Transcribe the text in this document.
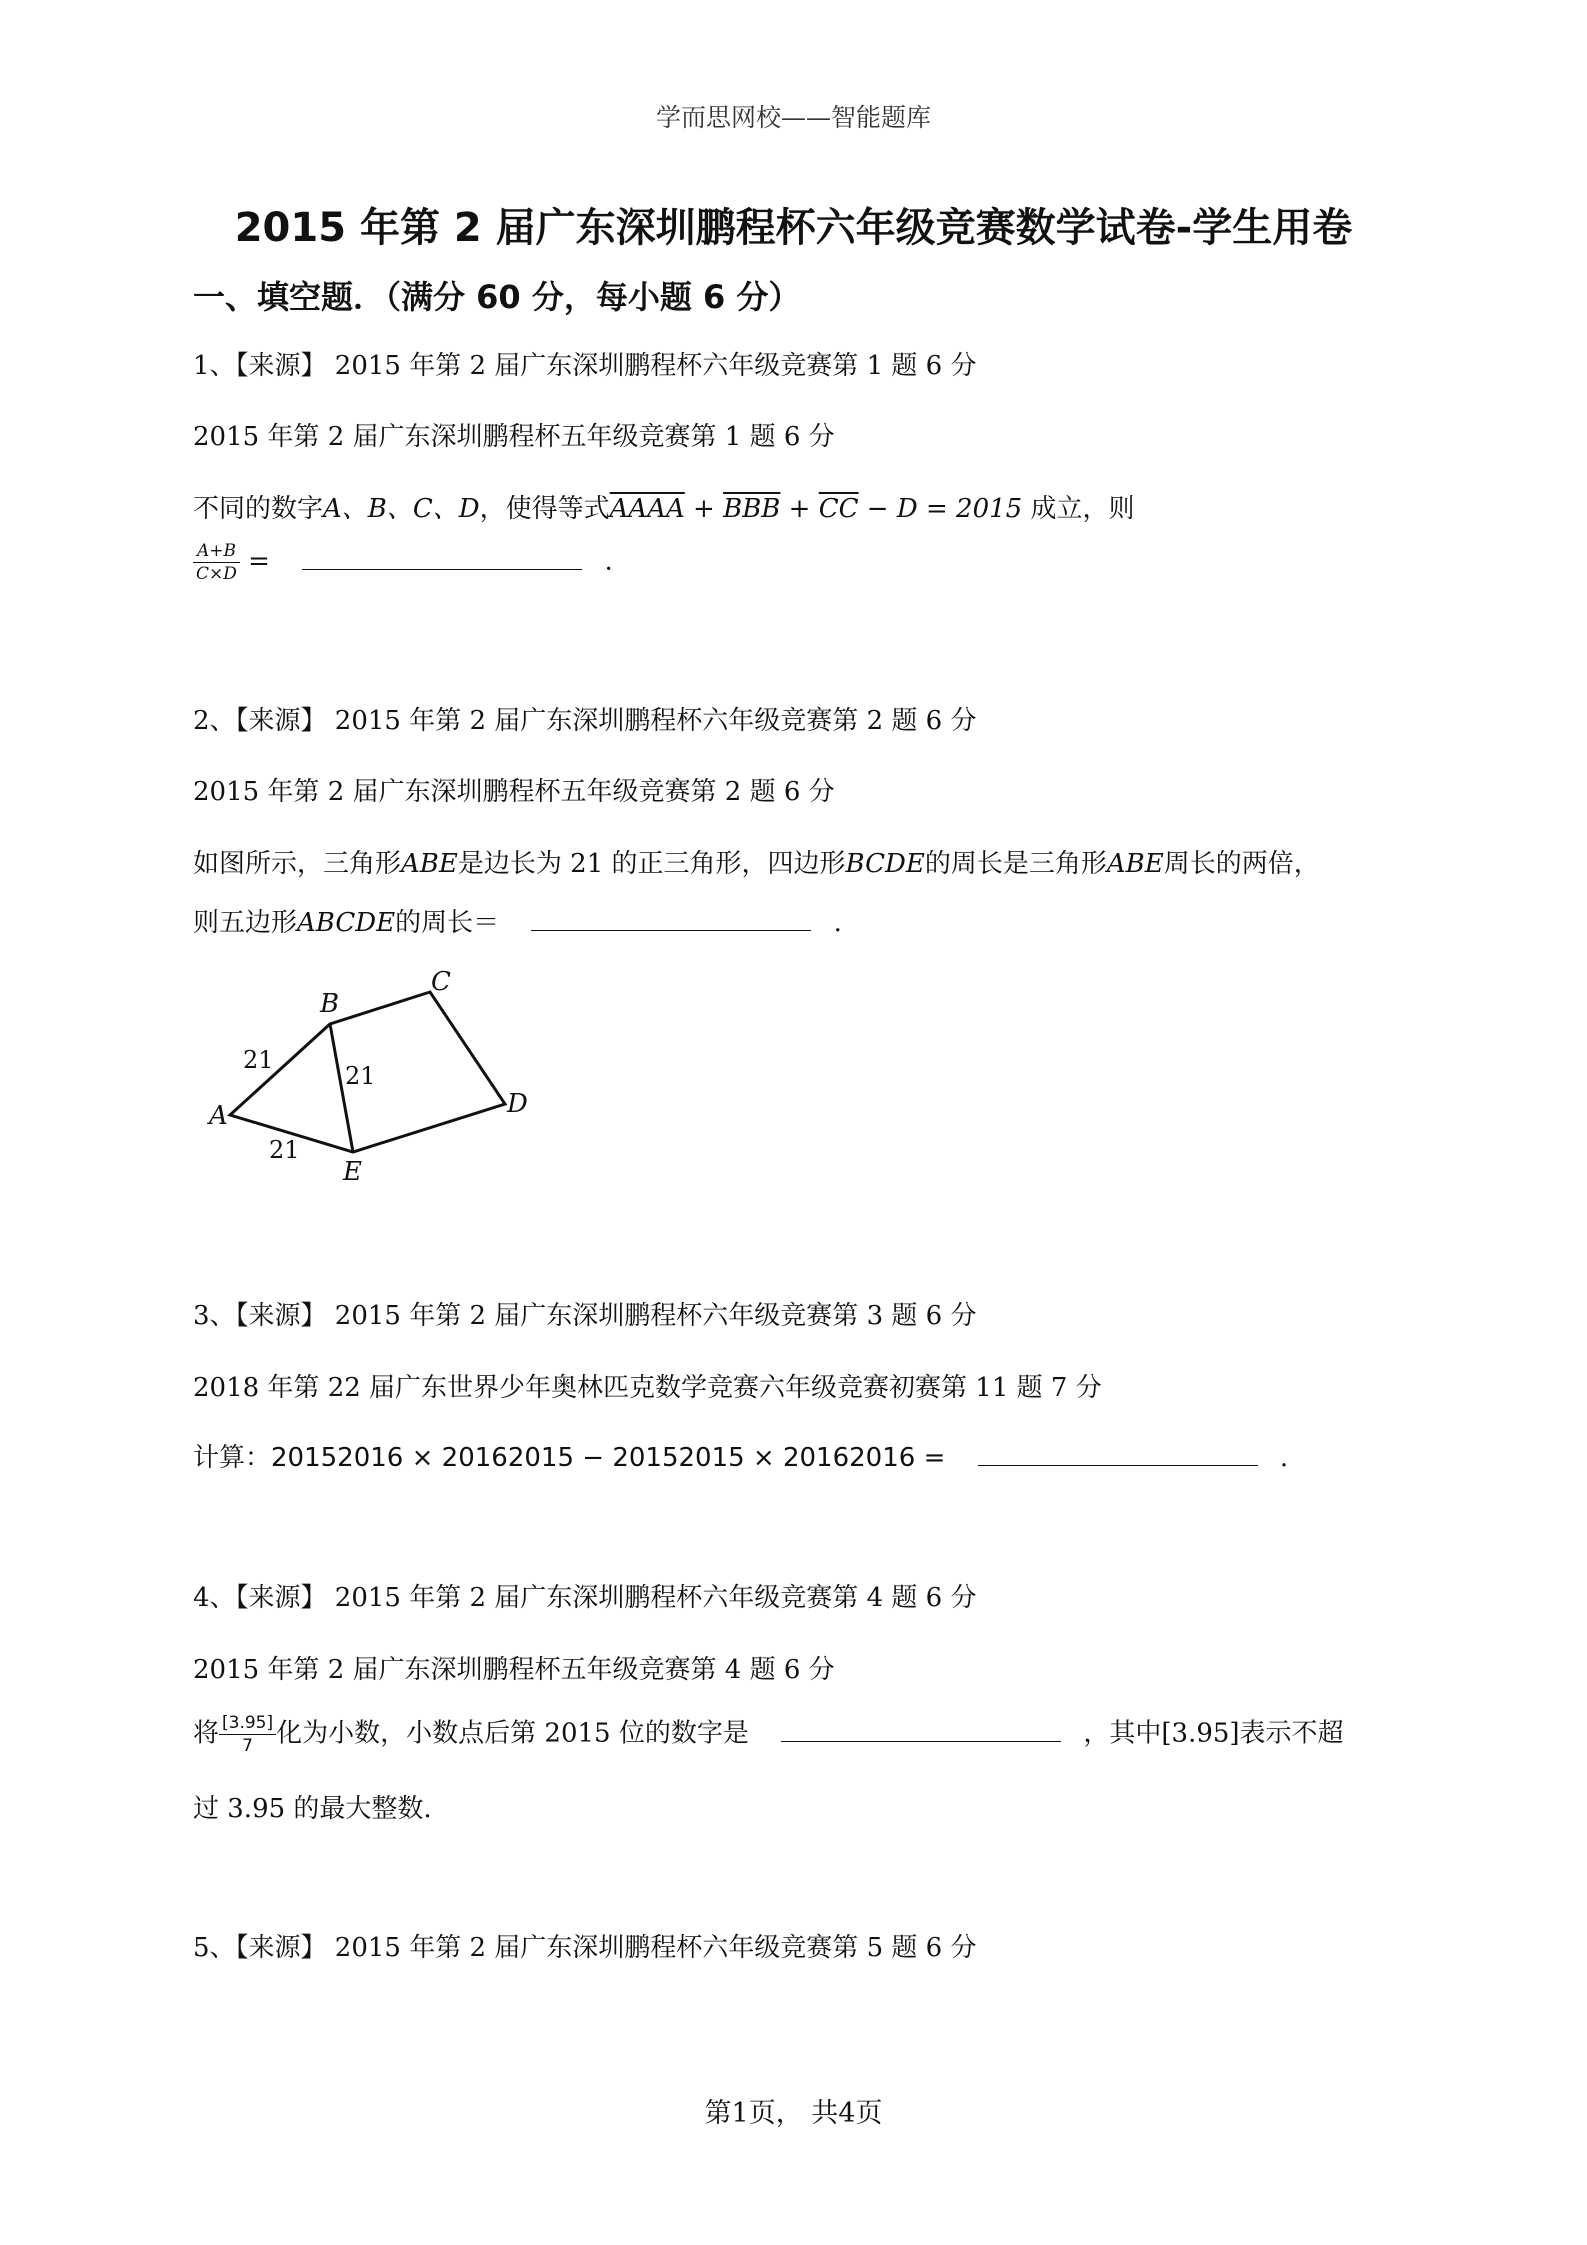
学而思网校——智能题库
2015 年第 2 届广东深圳鹏程杯六年级竞赛数学试卷-学生用卷
一、填空题．（满分 60 分，每小题 6 分）
1、【来源】 2015 年第 2 届广东深圳鹏程杯六年级竞赛第 1 题 6 分
2015 年第 2 届广东深圳鹏程杯五年级竞赛第 1 题 6 分
不同的数字A、B、C、D，使得等式AAAA + $\overline{BBB} + \overline{CC} - D = 2015$ 成立，则
$\frac{A+B}{C\times D}$ =	.
2、【来源】 2015 年第 2 届广东深圳鹏程杯六年级竞赛第 2 题 6 分
2015 年第 2 届广东深圳鹏程杯五年级竞赛第 2 题 6 分
如图所示，三角形ABE是边长为 21 的正三角形，四边形BCDE的周长是三角形ABE周长的两倍，
则五边形ABCDE的周长＝	.
A
B
C
D
E
21
21
21
3、【来源】 2015 年第 2 届广东深圳鹏程杯六年级竞赛第 3 题 6 分
2018 年第 22 届广东世界少年奥林匹克数学竞赛六年级竞赛初赛第 11 题 7 分
计算：20152016 × 20162015 − 20152015 × 20162016 =	.
4、【来源】 2015 年第 2 届广东深圳鹏程杯六年级竞赛第 4 题 6 分
2015 年第 2 届广东深圳鹏程杯五年级竞赛第 4 题 6 分
将 $\frac{[3.95]}{7}$ 化为小数，小数点后第 2015 位的数字是	，其中[3.95]表示不超
过 3.95 的最大整数.
5、【来源】 2015 年第 2 届广东深圳鹏程杯六年级竞赛第 5 题 6 分
第1页， 共4页
